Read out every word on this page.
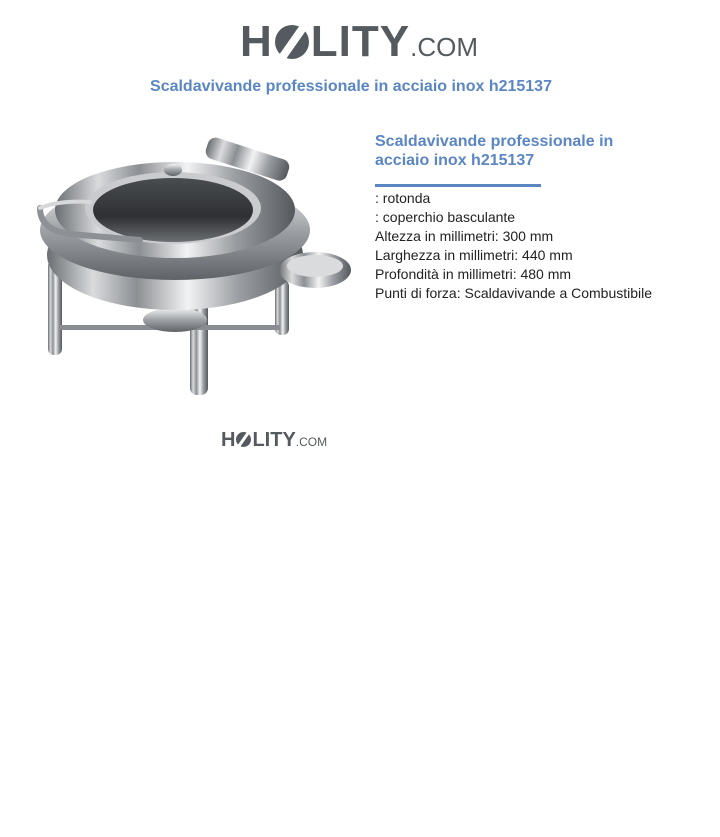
H LITY .COM
Scaldavivande professionale in acciaio inox h215137
H LITY .COM
Scaldavivande professionale in
acciaio inox h215137
: rotonda
: coperchio basculante
Altezza in millimetri: 300 mm
Larghezza in millimetri: 440 mm
Profondità in millimetri: 480 mm
Punti di forza: Scaldavivande a Combustibile
